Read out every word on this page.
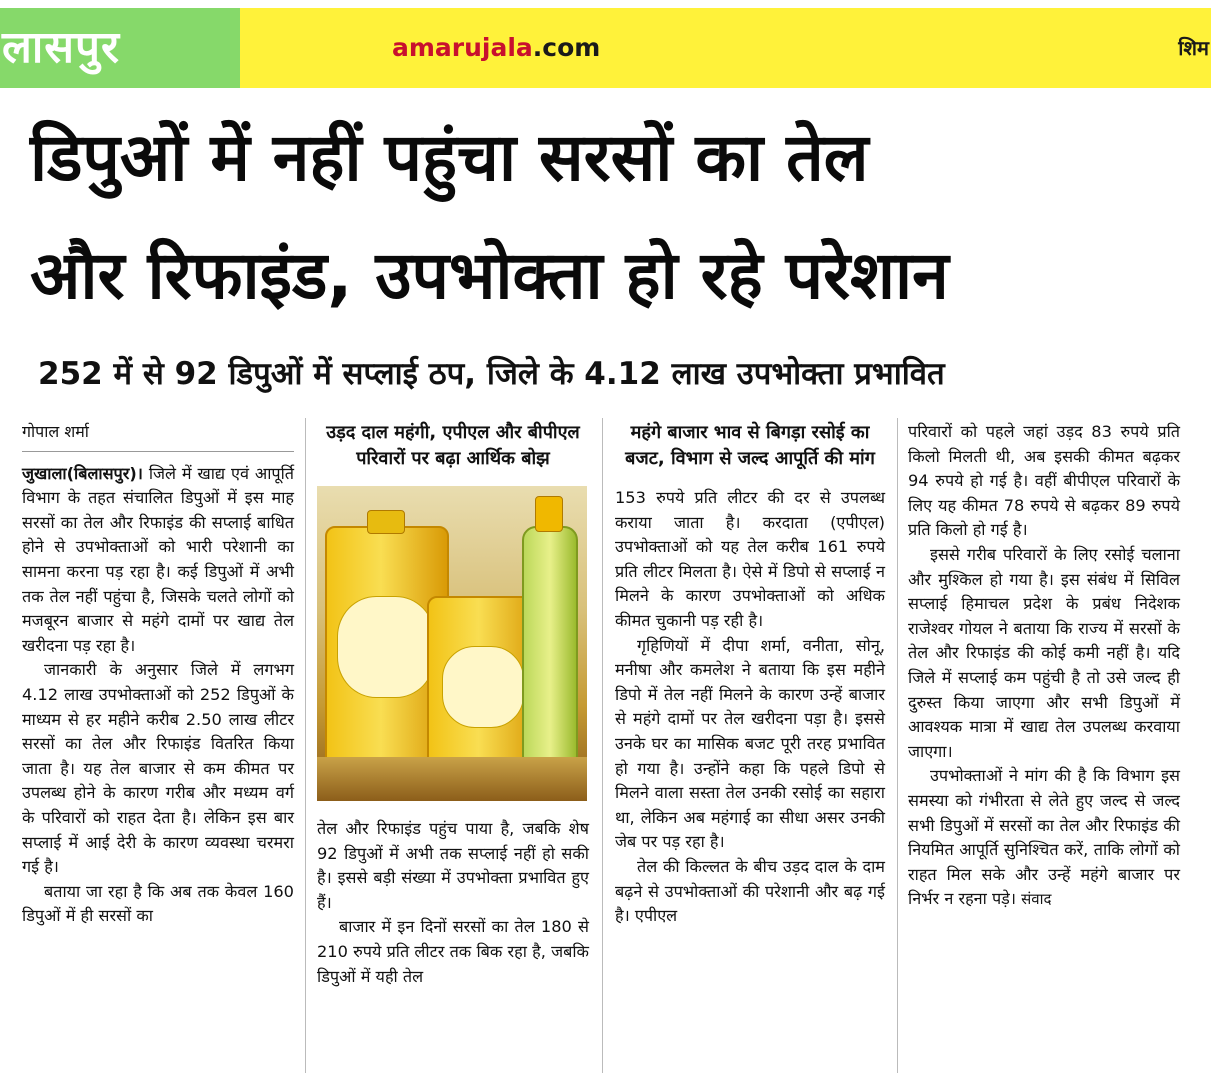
लासपुर	amarujala.com	शिम
डिपुओं में नहीं पहुंचा सरसों का तेल
और रिफाइंड, उपभोक्ता हो रहे परेशान
252 में से 92 डिपुओं में सप्लाई ठप, जिले के 4.12 लाख उपभोक्ता प्रभावित
गोपाल शर्मा

जुखाला(बिलासपुर)। जिले में खाद्य एवं आपूर्ति विभाग के तहत संचालित डिपुओं में इस माह सरसों का तेल और रिफाइंड की सप्लाई बाधित होने से उपभोक्ताओं को भारी परेशानी का सामना करना पड़ रहा है। कई डिपुओं में अभी तक तेल नहीं पहुंचा है, जिसके चलते लोगों को मजबूरन बाजार से महंगे दामों पर खाद्य तेल खरीदना पड़ रहा है।

जानकारी के अनुसार जिले में लगभग 4.12 लाख उपभोक्ताओं को 252 डिपुओं के माध्यम से हर महीने करीब 2.50 लाख लीटर सरसों का तेल और रिफाइंड वितरित किया जाता है। यह तेल बाजार से कम कीमत पर उपलब्ध होने के कारण गरीब और मध्यम वर्ग के परिवारों को राहत देता है। लेकिन इस बार सप्लाई में आई देरी के कारण व्यवस्था चरमरा गई है।

बताया जा रहा है कि अब तक केवल 160 डिपुओं में ही सरसों का

उड़द दाल महंगी, एपीएल और बीपीएल परिवारों पर बढ़ा आर्थिक बोझ

तेल और रिफाइंड पहुंच पाया है, जबकि शेष 92 डिपुओं में अभी तक सप्लाई नहीं हो सकी है। इससे बड़ी संख्या में उपभोक्ता प्रभावित हुए हैं।

बाजार में इन दिनों सरसों का तेल 180 से 210 रुपये प्रति लीटर तक बिक रहा है, जबकि डिपुओं में यही तेल

महंगे बाजार भाव से बिगड़ा रसोई का बजट, विभाग से जल्द आपूर्ति की मांग

153 रुपये प्रति लीटर की दर से उपलब्ध कराया जाता है। करदाता (एपीएल) उपभोक्ताओं को यह तेल करीब 161 रुपये प्रति लीटर मिलता है। ऐसे में डिपो से सप्लाई न मिलने के कारण उपभोक्ताओं को अधिक कीमत चुकानी पड़ रही है।

गृहिणियों में दीपा शर्मा, वनीता, सोनू, मनीषा और कमलेश ने बताया कि इस महीने डिपो में तेल नहीं मिलने के कारण उन्हें बाजार से महंगे दामों पर तेल खरीदना पड़ा है। इससे उनके घर का मासिक बजट पूरी तरह प्रभावित हो गया है। उन्होंने कहा कि पहले डिपो से मिलने वाला सस्ता तेल उनकी रसोई का सहारा था, लेकिन अब महंगाई का सीधा असर उनकी जेब पर पड़ रहा है।

तेल की किल्लत के बीच उड़द दाल के दाम बढ़ने से उपभोक्ताओं की परेशानी और बढ़ गई है। एपीएल

परिवारों को पहले जहां उड़द 83 रुपये प्रति किलो मिलती थी, अब इसकी कीमत बढ़कर 94 रुपये हो गई है। वहीं बीपीएल परिवारों के लिए यह कीमत 78 रुपये से बढ़कर 89 रुपये प्रति किलो हो गई है।

इससे गरीब परिवारों के लिए रसोई चलाना और मुश्किल हो गया है। इस संबंध में सिविल सप्लाई हिमाचल प्रदेश के प्रबंध निदेशक राजेश्वर गोयल ने बताया कि राज्य में सरसों के तेल और रिफाइंड की कोई कमी नहीं है। यदि जिले में सप्लाई कम पहुंची है तो उसे जल्द ही दुरुस्त किया जाएगा और सभी डिपुओं में आवश्यक मात्रा में खाद्य तेल उपलब्ध करवाया जाएगा।

उपभोक्ताओं ने मांग की है कि विभाग इस समस्या को गंभीरता से लेते हुए जल्द से जल्द सभी डिपुओं में सरसों का तेल और रिफाइंड की नियमित आपूर्ति सुनिश्चित करें, ताकि लोगों को राहत मिल सके और उन्हें महंगे बाजार पर निर्भर न रहना पड़े। संवाद
